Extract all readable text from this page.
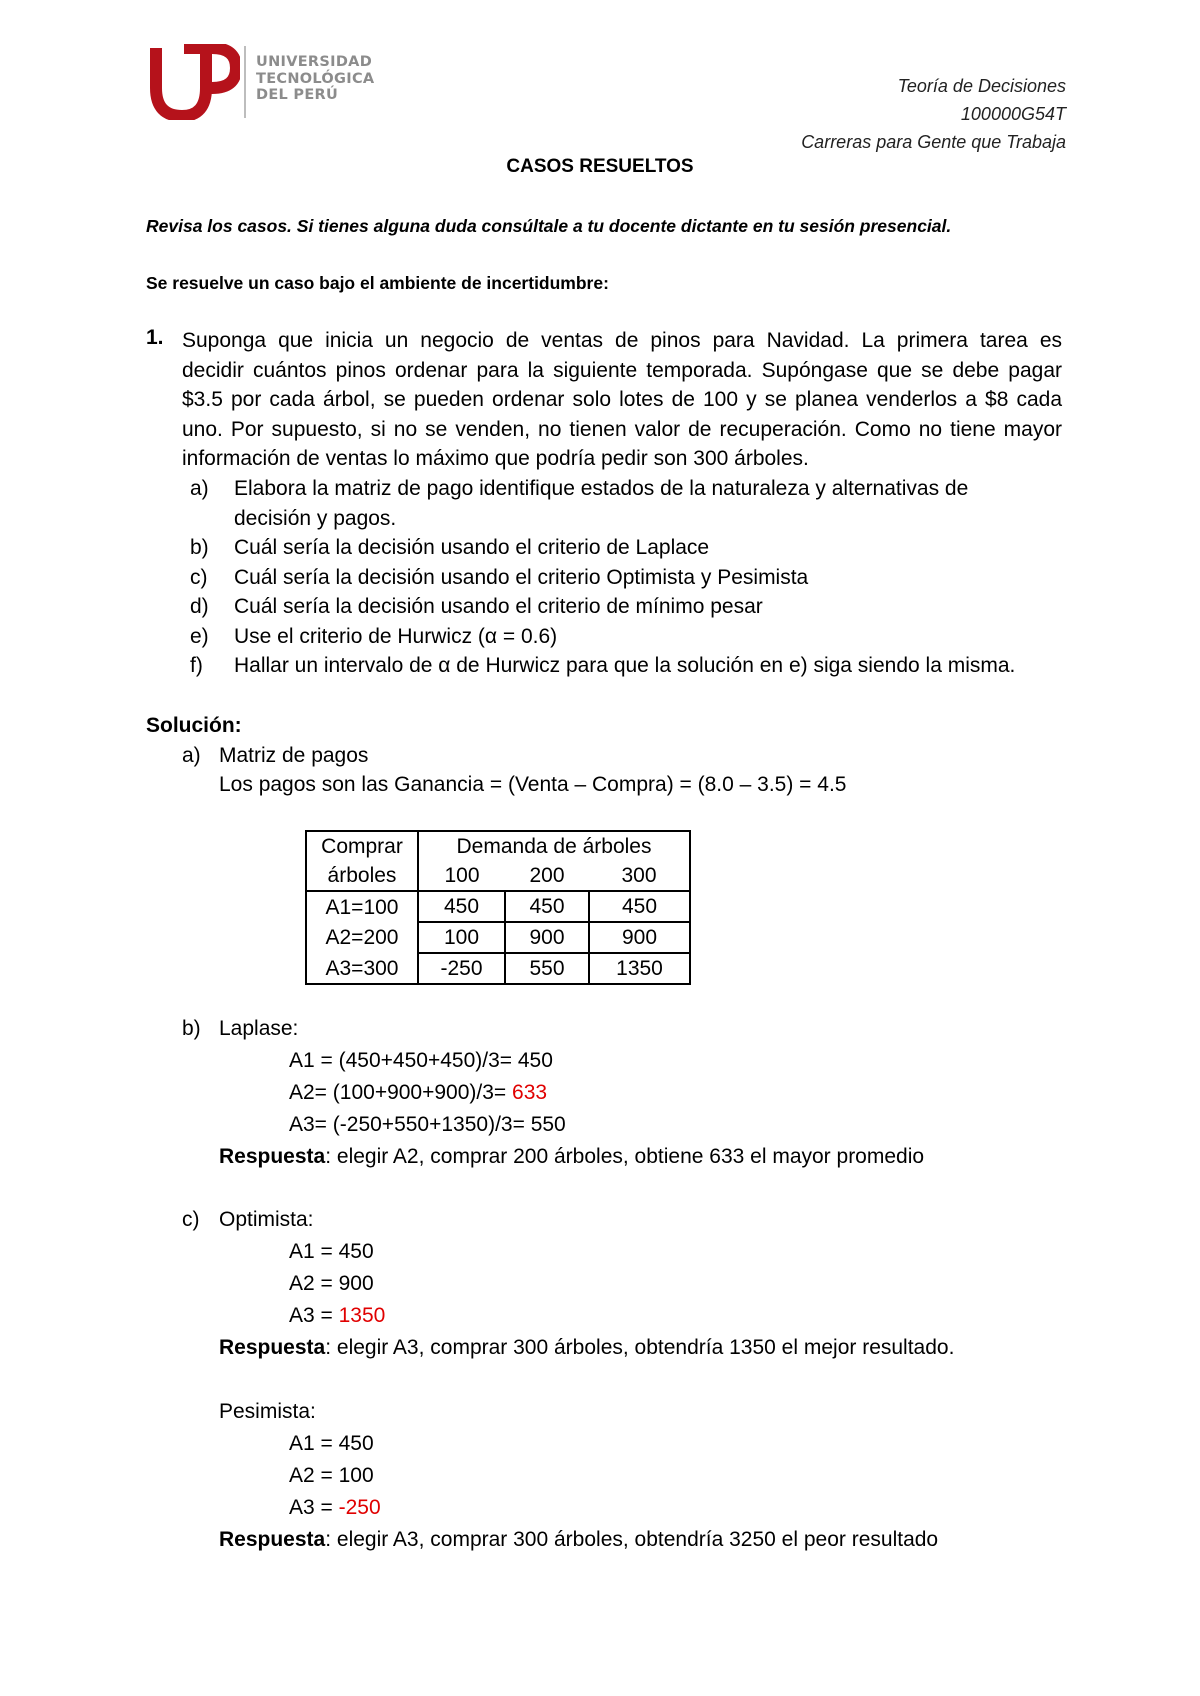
UNIVERSIDAD
TECNOLÓGICA
DEL PERÚ	Teoría de Decisiones
100000G54T
Carreras para Gente que Trabaja
CASOS RESUELTOS
Revisa los casos. Si tienes alguna duda consúltale a tu docente dictante en tu sesión presencial.
Se resuelve un caso bajo el ambiente de incertidumbre:
1. Suponga que inicia un negocio de ventas de pinos para Navidad. La primera tarea es
decidir cuántos pinos ordenar para la siguiente temporada. Supóngase que se debe pagar
$3.5 por cada árbol, se pueden ordenar solo lotes de 100 y se planea venderlos a $8 cada
uno. Por supuesto, si no se venden, no tienen valor de recuperación. Como no tiene mayor
información de ventas lo máximo que podría pedir son 300 árboles.
a) Elabora la matriz de pago identifique estados de la naturaleza y alternativas de
decisión y pagos.
b) Cuál sería la decisión usando el criterio de Laplace
c) Cuál sería la decisión usando el criterio Optimista y Pesimista
d) Cuál sería la decisión usando el criterio de mínimo pesar
e) Use el criterio de Hurwicz (α = 0.6)
f) Hallar un intervalo de α de Hurwicz para que la solución en e) siga siendo la misma.
Solución:
a) Matriz de pagos
Los pagos son las Ganancia = (Venta – Compra) = (8.0 – 3.5) = 4.5
Comprar	Demanda de árboles		
árboles	100	200	300
A1=100	450	450	450
A2=200	100	900	900
A3=300	-250	550	1350
b) Laplase:
A1 = (450+450+450)/3= 450
A2= (100+900+900)/3= 633
A3= (-250+550+1350)/3= 550
Respuesta: elegir A2, comprar 200 árboles, obtiene 633 el mayor promedio
c) Optimista:
A1 = 450
A2 = 900
A3 = 1350
Respuesta: elegir A3, comprar 300 árboles, obtendría 1350 el mejor resultado.
Pesimista:
A1 = 450
A2 = 100
A3 = -250
Respuesta: elegir A3, comprar 300 árboles, obtendría 3250 el peor resultado
